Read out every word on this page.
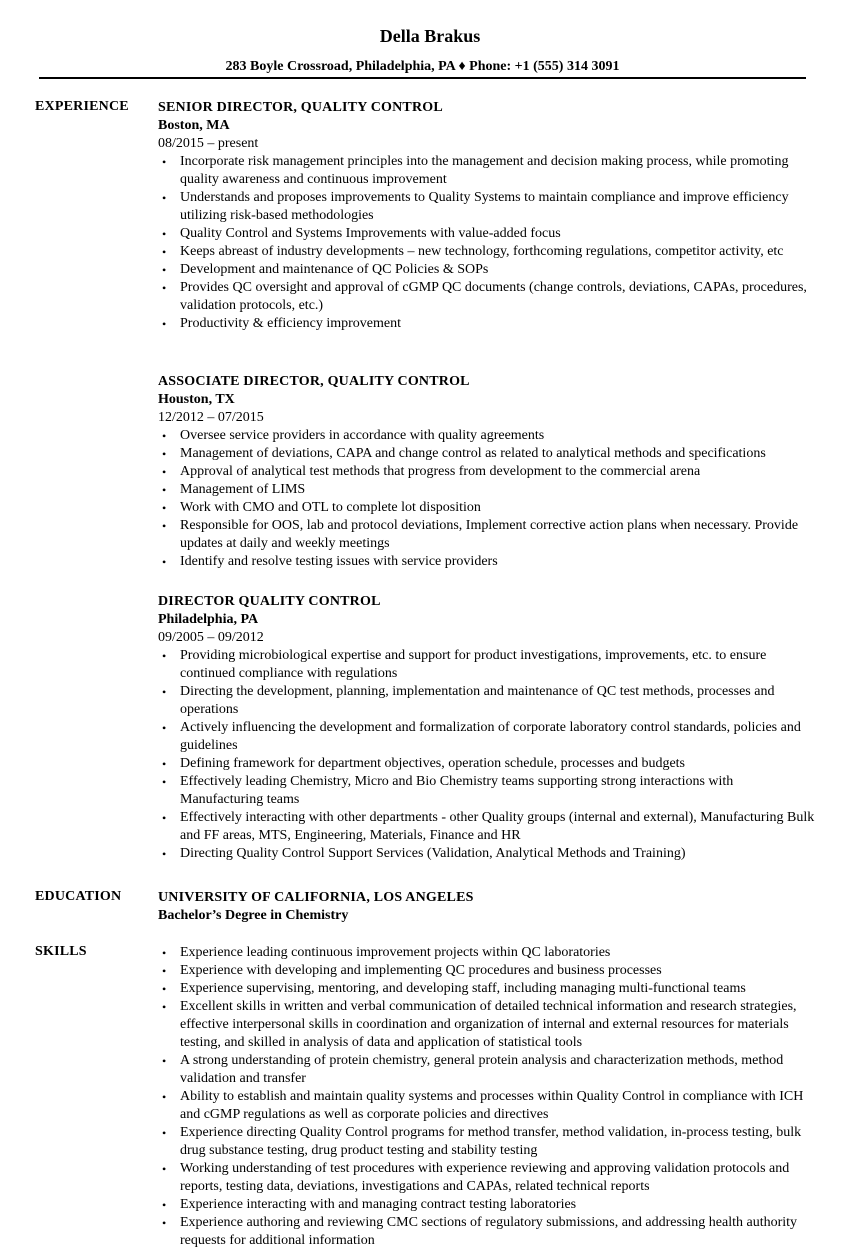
Della Brakus
283 Boyle Crossroad, Philadelphia, PA ♦ Phone: +1 (555) 314 3091
EXPERIENCE SENIOR DIRECTOR, QUALITY CONTROL
Boston, MA
08/2015 – present
• Incorporate risk management principles into the management and decision making process, while promoting quality awareness and continuous improvement
• Understands and proposes improvements to Quality Systems to maintain compliance and improve efficiency utilizing risk-based methodologies
• Quality Control and Systems Improvements with value-added focus
• Keeps abreast of industry developments – new technology, forthcoming regulations, competitor activity, etc
• Development and maintenance of QC Policies & SOPs
• Provides QC oversight and approval of cGMP QC documents (change controls, deviations, CAPAs, procedures, validation protocols, etc.)
• Productivity & efficiency improvement
ASSOCIATE DIRECTOR, QUALITY CONTROL
Houston, TX
12/2012 – 07/2015
• Oversee service providers in accordance with quality agreements
• Management of deviations, CAPA and change control as related to analytical methods and specifications
• Approval of analytical test methods that progress from development to the commercial arena
• Management of LIMS
• Work with CMO and OTL to complete lot disposition
• Responsible for OOS, lab and protocol deviations, Implement corrective action plans when necessary. Provide updates at daily and weekly meetings
• Identify and resolve testing issues with service providers
DIRECTOR QUALITY CONTROL
Philadelphia, PA
09/2005 – 09/2012
• Providing microbiological expertise and support for product investigations, improvements, etc. to ensure continued compliance with regulations
• Directing the development, planning, implementation and maintenance of QC test methods, processes and operations
• Actively influencing the development and formalization of corporate laboratory control standards, policies and guidelines
• Defining framework for department objectives, operation schedule, processes and budgets
• Effectively leading Chemistry, Micro and Bio Chemistry teams supporting strong interactions with Manufacturing teams
• Effectively interacting with other departments - other Quality groups (internal and external), Manufacturing Bulk and FF areas, MTS, Engineering, Materials, Finance and HR
• Directing Quality Control Support Services (Validation, Analytical Methods and Training)
EDUCATION	UNIVERSITY OF CALIFORNIA, LOS ANGELES
Bachelor’s Degree in Chemistry
SKILLS
•	Experience leading continuous improvement projects within QC laboratories
• Experience with developing and implementing QC procedures and business processes
• Experience supervising, mentoring, and developing staff, including managing multi-functional teams
• Excellent skills in written and verbal communication of detailed technical information and research strategies, effective interpersonal skills in coordination and organization of internal and external resources for materials testing, and skilled in analysis of data and application of statistical tools
• A strong understanding of protein chemistry, general protein analysis and characterization methods, method validation and transfer
• Ability to establish and maintain quality systems and processes within Quality Control in compliance with ICH and cGMP regulations as well as corporate policies and directives
• Experience directing Quality Control programs for method transfer, method validation, in-process testing, bulk drug substance testing, drug product testing and stability testing
• Working understanding of test procedures with experience reviewing and approving validation protocols and reports, testing data, deviations, investigations and CAPAs, related technical reports
• Experience interacting with and managing contract testing laboratories
• Experience authoring and reviewing CMC sections of regulatory submissions, and addressing health authority requests for additional information
